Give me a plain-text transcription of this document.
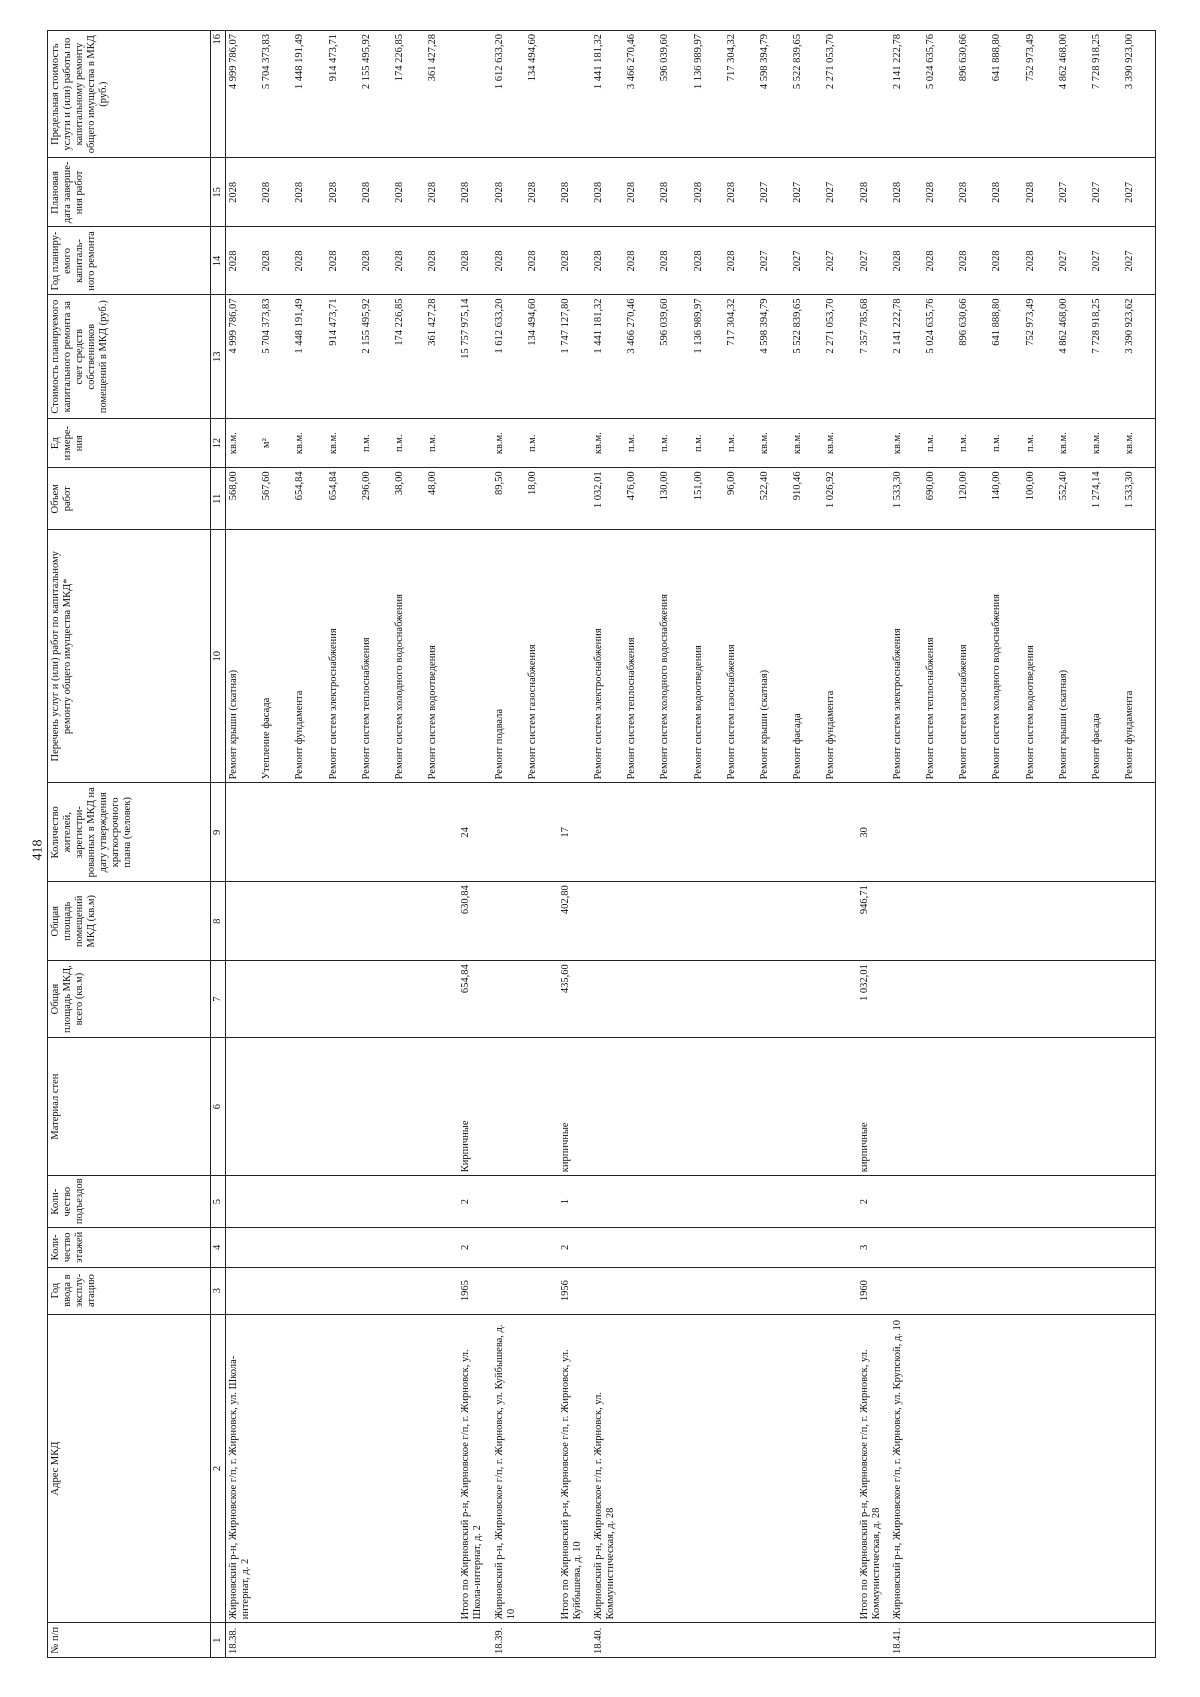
418
№ п/п	Адрес МКД	Год ввода в эксплу-атацию	Коли-чество этажей	Коли-чество подъездов	Материал стен	Общая площадь МКД, всего (кв.м)	Общая площадь помещений МКД (кв.м)	Количество жителей, зарегистри-рованных в МКД на дату утверждения краткосрочного плана (человек)	Перечень услуг и (или) работ по капитальному ремонту общего имущества МКД*	Объем работ	Ед измере-ния	Стоимость планируемого капитального ремонта за счет средств собственников помещений в МКД (руб.)	Год планиру-емого капиталь-ного ремонта	Плановая дата заверше-ния работ	Предельная стоимость услуги и (или) работы по капитальному ремонту общего имущества в МКД (руб.)
1	2	3	4	5	6	7	8	9	10	11	12	13	14	15	16
18.38.	Жирновский р-н, Жирновское г/п, г. Жирновск, ул. Школа-интернат, д. 2								Ремонт крыши (скатная)	568,00	кв.м.	4 999 786,07	2028	2028	4 999 786,07
									Утепление фасада	567,60	м²	5 704 373,83	2028	2028	5 704 373,83
									Ремонт фундамента	654,84	кв.м.	1 448 191,49	2028	2028	1 448 191,49
									Ремонт систем электроснабжения	654,84	кв.м.	914 473,71	2028	2028	914 473,71
									Ремонт систем теплоснабжения	296,00	п.м.	2 155 495,92	2028	2028	2 155 495,92
									Ремонт систем холодного водоснабжения	38,00	п.м.	174 226,85	2028	2028	174 226,85
									Ремонт систем водоотведения	48,00	п.м.	361 427,28	2028	2028	361 427,28
	Итого по Жирновский р-н, Жирновское г/п, г. Жирновск, ул. Школа-интернат, д. 2	1965	2	2	Кирпичные	654,84	630,84	24				15 757 975,14	2028	2028	
18.39.	Жирновский р-н, Жирновское г/п, г. Жирновск, ул. Куйбышева, д. 10								Ремонт подвала	89,50	кв.м.	1 612 633,20	2028	2028	1 612 633,20
									Ремонт систем газоснабжения	18,00	п.м.	134 494,60	2028	2028	134 494,60
	Итого по Жирновский р-н, Жирновское г/п, г. Жирновск, ул. Куйбышева, д. 10	1956	2	1	кирпичные	435,60	402,80	17				1 747 127,80	2028	2028	
18.40.	Жирновский р-н, Жирновское г/п, г. Жирновск, ул. Коммунистическая, д. 28								Ремонт систем электроснабжения	1 032,01	кв.м.	1 441 181,32	2028	2028	1 441 181,32
									Ремонт систем теплоснабжения	476,00	п.м.	3 466 270,46	2028	2028	3 466 270,46
									Ремонт систем холодного водоснабжения	130,00	п.м.	596 039,60	2028	2028	596 039,60
									Ремонт систем водоотведения	151,00	п.м.	1 136 989,97	2028	2028	1 136 989,97
									Ремонт систем газоснабжения	96,00	п.м.	717 304,32	2028	2028	717 304,32
									Ремонт крыши (скатная)	522,40	кв.м.	4 598 394,79	2027	2027	4 598 394,79
									Ремонт фасада	910,46	кв.м.	5 522 839,65	2027	2027	5 522 839,65
									Ремонт фундамента	1 026,92	кв.м.	2 271 053,70	2027	2027	2 271 053,70
	Итого по Жирновский р-н, Жирновское г/п, г. Жирновск, ул. Коммунистическая, д. 28	1960	3	2	кирпичные	1 032,01	946,71	30				7 357 785,68	2027	2028	
18.41.	Жирновский р-н, Жирновское г/п, г. Жирновск, ул. Крупской, д. 10								Ремонт систем электроснабжения	1 533,30	кв.м.	2 141 222,78	2028	2028	2 141 222,78
									Ремонт систем теплоснабжения	690,00	п.м.	5 024 635,76	2028	2028	5 024 635,76
									Ремонт систем газоснабжения	120,00	п.м.	896 630,66	2028	2028	896 630,66
									Ремонт систем холодного водоснабжения	140,00	п.м.	641 888,80	2028	2028	641 888,80
									Ремонт систем водоотведения	100,00	п.м.	752 973,49	2028	2028	752 973,49
									Ремонт крыши (скатная)	552,40	кв.м.	4 862 468,00	2027	2027	4 862 468,00
									Ремонт фасада	1 274,14	кв.м.	7 728 918,25	2027	2027	7 728 918,25
									Ремонт фундамента	1 533,30	кв.м.	3 390 923,62	2027	2027	3 390 923,00
